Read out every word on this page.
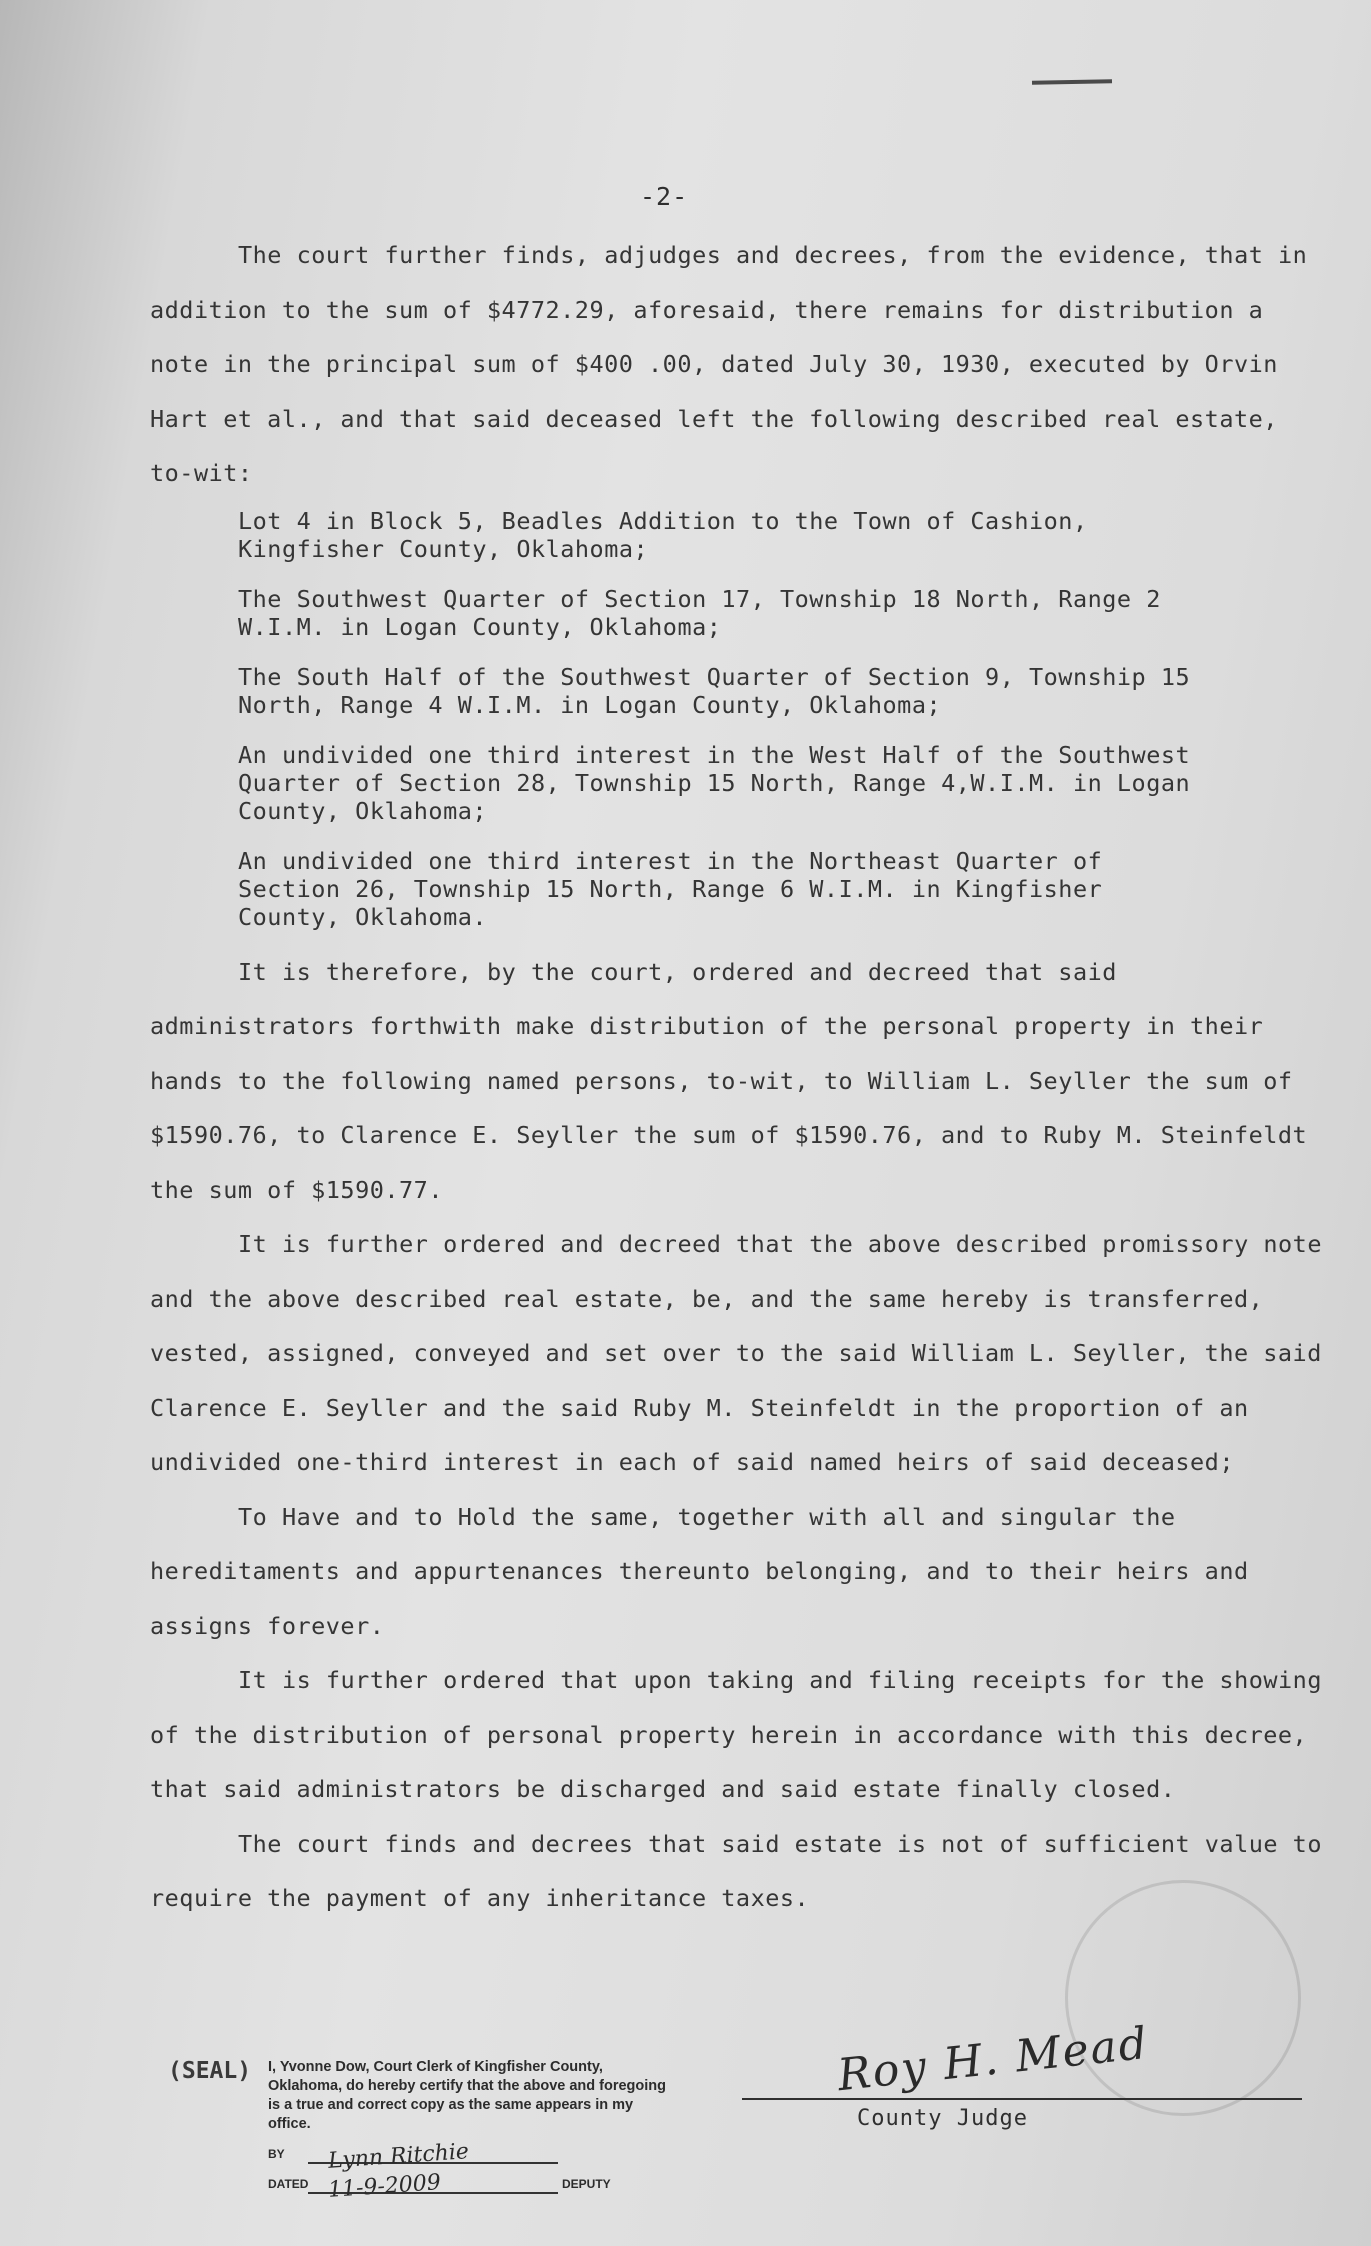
-2-

The court further finds, adjudges and decrees, from the evidence, that in addition to the sum of $4772.29, aforesaid, there remains for distribution a note in the principal sum of $400 .00, dated July 30, 1930, executed by Orvin Hart et al., and that said deceased left the following described real estate, to-wit:

Lot 4 in Block 5, Beadles Addition to the Town of Cashion, Kingfisher County, Oklahoma;
The Southwest Quarter of Section 17, Township 18 North, Range 2 W.I.M. in Logan County, Oklahoma;
The South Half of the Southwest Quarter of Section 9, Township 15 North, Range 4 W.I.M. in Logan County, Oklahoma;
An undivided one third interest in the West Half of the Southwest Quarter of Section 28, Township 15 North, Range 4,W.I.M. in Logan County, Oklahoma;
An undivided one third interest in the Northeast Quarter of Section 26, Township 15 North, Range 6 W.I.M. in Kingfisher County, Oklahoma.

It is therefore, by the court, ordered and decreed that said administrators forthwith make distribution of the personal property in their hands to the following named persons, to-wit, to William L. Seyller the sum of $1590.76, to Clarence E. Seyller the sum of $1590.76, and to Ruby M. Steinfeldt the sum of $1590.77.

It is further ordered and decreed that the above described promissory note and the above described real estate, be, and the same hereby is transferred, vested, assigned, conveyed and set over to the said William L. Seyller, the said Clarence E. Seyller and the said Ruby M. Steinfeldt in the proportion of an undivided one-third interest in each of said named heirs of said deceased;

To Have and to Hold the same, together with all and singular the hereditaments and appurtenances thereunto belonging, and to their heirs and assigns forever.

It is further ordered that upon taking and filing receipts for the showing of the distribution of personal property herein in accordance with this decree, that said administrators be discharged and said estate finally closed.

The court finds and decrees that said estate is not of sufficient value to require the payment of any inheritance taxes.

(SEAL) I, Yvonne Dow, Court Clerk of Kingfisher County, Oklahoma, do hereby certify that the above and foregoing is a true and correct copy as the same appears in my office.
BY	Lynn Ritchie
DATED 11-9-2009	DEPUTY
Roy H. Mead
County Judge
